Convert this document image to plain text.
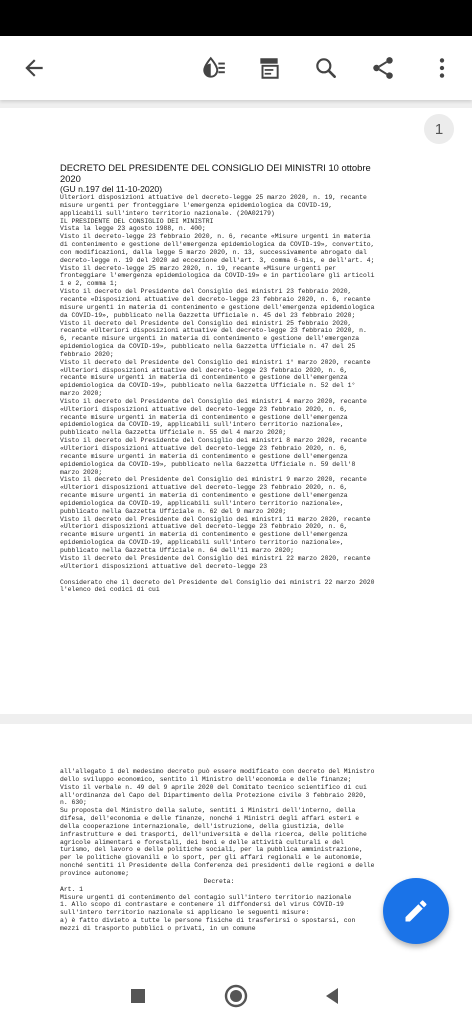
1

DECRETO DEL PRESIDENTE DEL CONSIGLIO DEI MINISTRI 10 ottobre 2020

(GU n.197 del 11-10-2020)

Ulteriori disposizioni attuative del decreto-legge 25 marzo 2020, n. 19, recante misure urgenti per fronteggiare l'emergenza epidemiologica da COVID-19, applicabili sull'intero territorio nazionale. (20A02179)

IL PRESIDENTE DEL CONSIGLIO DEI MINISTRI

Vista la legge 23 agosto 1988, n. 400;

Visto il decreto-legge 23 febbraio 2020, n. 6, recante «Misure urgenti in materia di contenimento e gestione dell'emergenza epidemiologica da COVID-19», convertito, con modificazioni, dalla legge 5 marzo 2020, n. 13, successivamente abrogato dal decreto-legge n. 19 del 2020 ad eccezione dell'art. 3, comma 6-bis, e dell'art. 4;

Visto il decreto-legge 25 marzo 2020, n. 19, recante «Misure urgenti per fronteggiare l'emergenza epidemiologica da COVID-19» e in particolare gli articoli 1 e 2, comma 1;

Visto il decreto del Presidente del Consiglio dei ministri 23 febbraio 2020, recante «Disposizioni attuative del decreto-legge 23 febbraio 2020, n. 6, recante misure urgenti in materia di contenimento e gestione dell'emergenza epidemiologica da COVID-19», pubblicato nella Gazzetta Ufficiale n. 45 del 23 febbraio 2020;

Visto il decreto del Presidente del Consiglio dei ministri 25 febbraio 2020, recante «Ulteriori disposizioni attuative del decreto-legge 23 febbraio 2020, n. 6, recante misure urgenti in materia di contenimento e gestione dell'emergenza epidemiologica da COVID-19», pubblicato nella Gazzetta Ufficiale n. 47 del 25 febbraio 2020;

Visto il decreto del Presidente del Consiglio dei ministri 1° marzo 2020, recante «Ulteriori disposizioni attuative del decreto-legge 23 febbraio 2020, n. 6, recante misure urgenti in materia di contenimento e gestione dell'emergenza epidemiologica da COVID-19», pubblicato nella Gazzetta Ufficiale n. 52 del 1° marzo 2020;

Visto il decreto del Presidente del Consiglio dei ministri 4 marzo 2020, recante «Ulteriori disposizioni attuative del decreto-legge 23 febbraio 2020, n. 6, recante misure urgenti in materia di contenimento e gestione dell'emergenza epidemiologica da COVID-19, applicabili sull'intero territorio nazionale», pubblicato nella Gazzetta Ufficiale n. 55 del 4 marzo 2020;

Visto il decreto del Presidente del Consiglio dei ministri 8 marzo 2020, recante «Ulteriori disposizioni attuative del decreto-legge 23 febbraio 2020, n. 6, recante misure urgenti in materia di contenimento e gestione dell'emergenza epidemiologica da COVID-19», pubblicato nella Gazzetta Ufficiale n. 59 dell'8 marzo 2020;

Visto il decreto del Presidente del Consiglio dei ministri 9 marzo 2020, recante «Ulteriori disposizioni attuative del decreto-legge 23 febbraio 2020, n. 6, recante misure urgenti in materia di contenimento e gestione dell'emergenza epidemiologica da COVID-19, applicabili sull'intero territorio nazionale», pubblicato nella Gazzetta Ufficiale n. 62 del 9 marzo 2020;

Visto il decreto del Presidente del Consiglio dei ministri 11 marzo 2020, recante «Ulteriori disposizioni attuative del decreto-legge 23 febbraio 2020, n. 6, recante misure urgenti in materia di contenimento e gestione dell'emergenza epidemiologica da COVID-19, applicabili sull'intero territorio nazionale», pubblicato nella Gazzetta Ufficiale n. 64 dell'11 marzo 2020;

Visto il decreto del Presidente del Consiglio dei ministri 22 marzo 2020, recante «Ulteriori disposizioni attuative del decreto-legge 23

Considerato che il decreto del Presidente del Consiglio dei ministri 22 marzo 2020 l'elenco dei codici di cui

all'allegato 1 del medesimo decreto può essere modificato con decreto del Ministro dello sviluppo economico, sentito il Ministro dell'economia e delle finanze;

Visto il verbale n. 49 del 9 aprile 2020 del Comitato tecnico scientifico di cui all'ordinanza del Capo del Dipartimento della Protezione civile 3 febbraio 2020, n. 630;

Su proposta del Ministro della salute, sentiti i Ministri dell'interno, della difesa, dell'economia e delle finanze, nonché i Ministri degli affari esteri e della cooperazione internazionale, dell'istruzione, della giustizia, delle infrastrutture e dei trasporti, dell'università e della ricerca, delle politiche agricole alimentari e forestali, dei beni e delle attività culturali e del turismo, del lavoro e delle politiche sociali, per la pubblica amministrazione, per le politiche giovanili e lo sport, per gli affari regionali e le autonomie, nonché sentiti il Presidente della Conferenza dei presidenti delle regioni e delle province autonome;

Decreta:

Art. 1

Misure urgenti di contenimento del contagio sull'intero territorio nazionale

1. Allo scopo di contrastare e contenere il diffondersi del virus COVID-19 sull'intero territorio nazionale si applicano le seguenti misure:

a) è fatto divieto a tutte le persone fisiche di trasferirsi o spostarsi, con mezzi di trasporto pubblici o privati, in un comune
